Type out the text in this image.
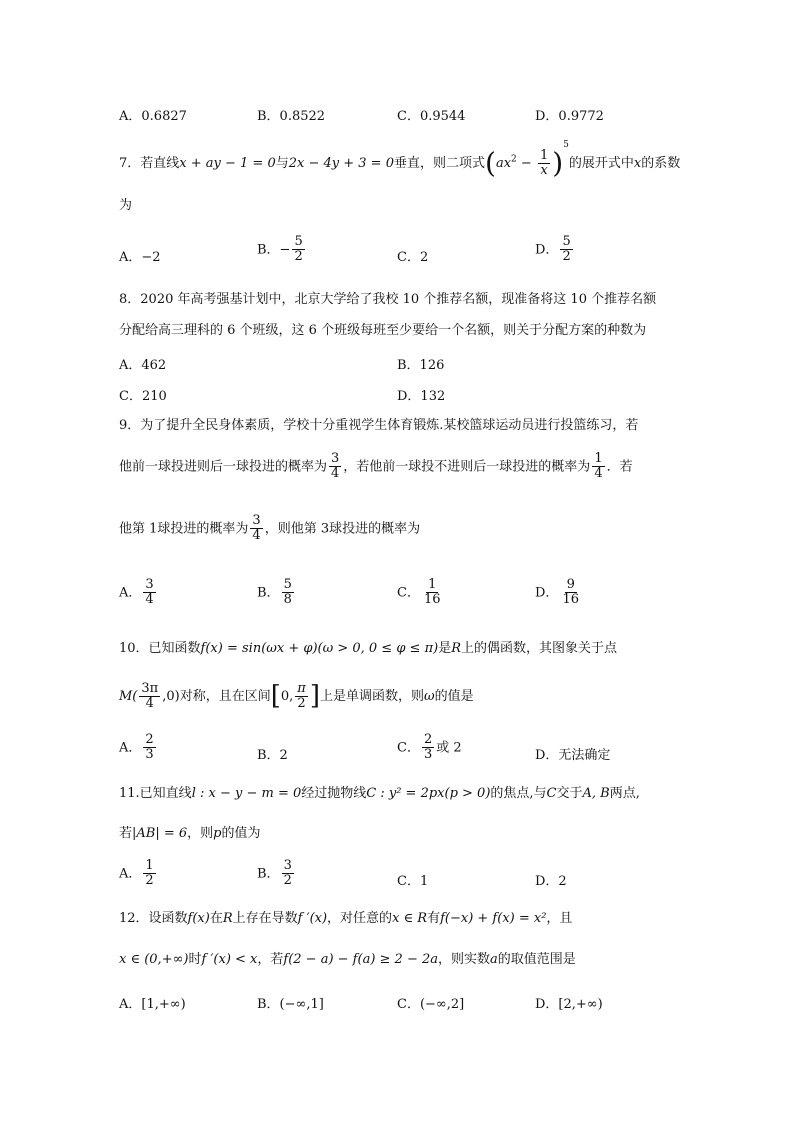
A．0.6827	B．0.8522	C．0.9544	D．0.9772
7．若直线x + ay − 1 = 0与2x − 4y + 3 = 0垂直，则二项式$(ax^2 - \frac{1}{x} )^5$的展开式中x的系数
为
A．−2
B．− $\frac{5}{2}$	C．2
D． $\frac{5}{2}$
8．2020 年高考强基计划中，北京大学给了我校 10 个推荐名额，现准备将这 10 个推荐名额
分配给高三理科的 6 个班级，这 6 个班级每班至少要给一个名额，则关于分配方案的种数为
A．462	B．126
C．210	D．132
9．为了提升全民身体素质，学校十分重视学生体育锻炼.某校篮球运动员进行投篮练习，若
他前一球投进则后一球投进的概率为 $\frac{3}{4}$ ，若他前一球投不进则后一球投进的概率为 $\frac{1}{4}$ ．若
他第 1球投进的概率为 $\frac{3}{4}$ ，则他第 3球投进的概率为
A． $\frac{3}{4}$	B． $\frac{5}{8}$	C． $\frac{1}{16}$	D． $\frac{9}{16}$
10．已知函数f(x) = sin(ωx + φ)(ω > 0, 0 ≤ φ ≤ π)是R上的偶函数，其图象关于点
$M( \frac{3\pi}{4} ,0)$对称，且在区间[0, $\frac{\pi}{2}$ ]上是单调函数，则ω的值是
A． $\frac{2}{3}$	B．2
C． $\frac{2}{3}$ 或 2
D．无法确定
11.已知直线l : x − y − m = 0经过抛物线C : y² = 2px(p > 0)的焦点,与C交于A, B两点,
若|AB| = 6，则p的值为
A． $\frac{1}{2}$	B． $\frac{3}{2}$	C．1	D．2
12．设函数f(x)在R上存在导数f ′(x)，对任意的x ∈ R有f(−x) + f(x) = x²，且
x ∈ (0,+∞)时f ′(x) < x，若f(2 − a) − f(a) ≥ 2 − 2a，则实数a的取值范围是
A．[1,+∞)	B．(−∞,1]	C．(−∞,2]	D．[2,+∞)
